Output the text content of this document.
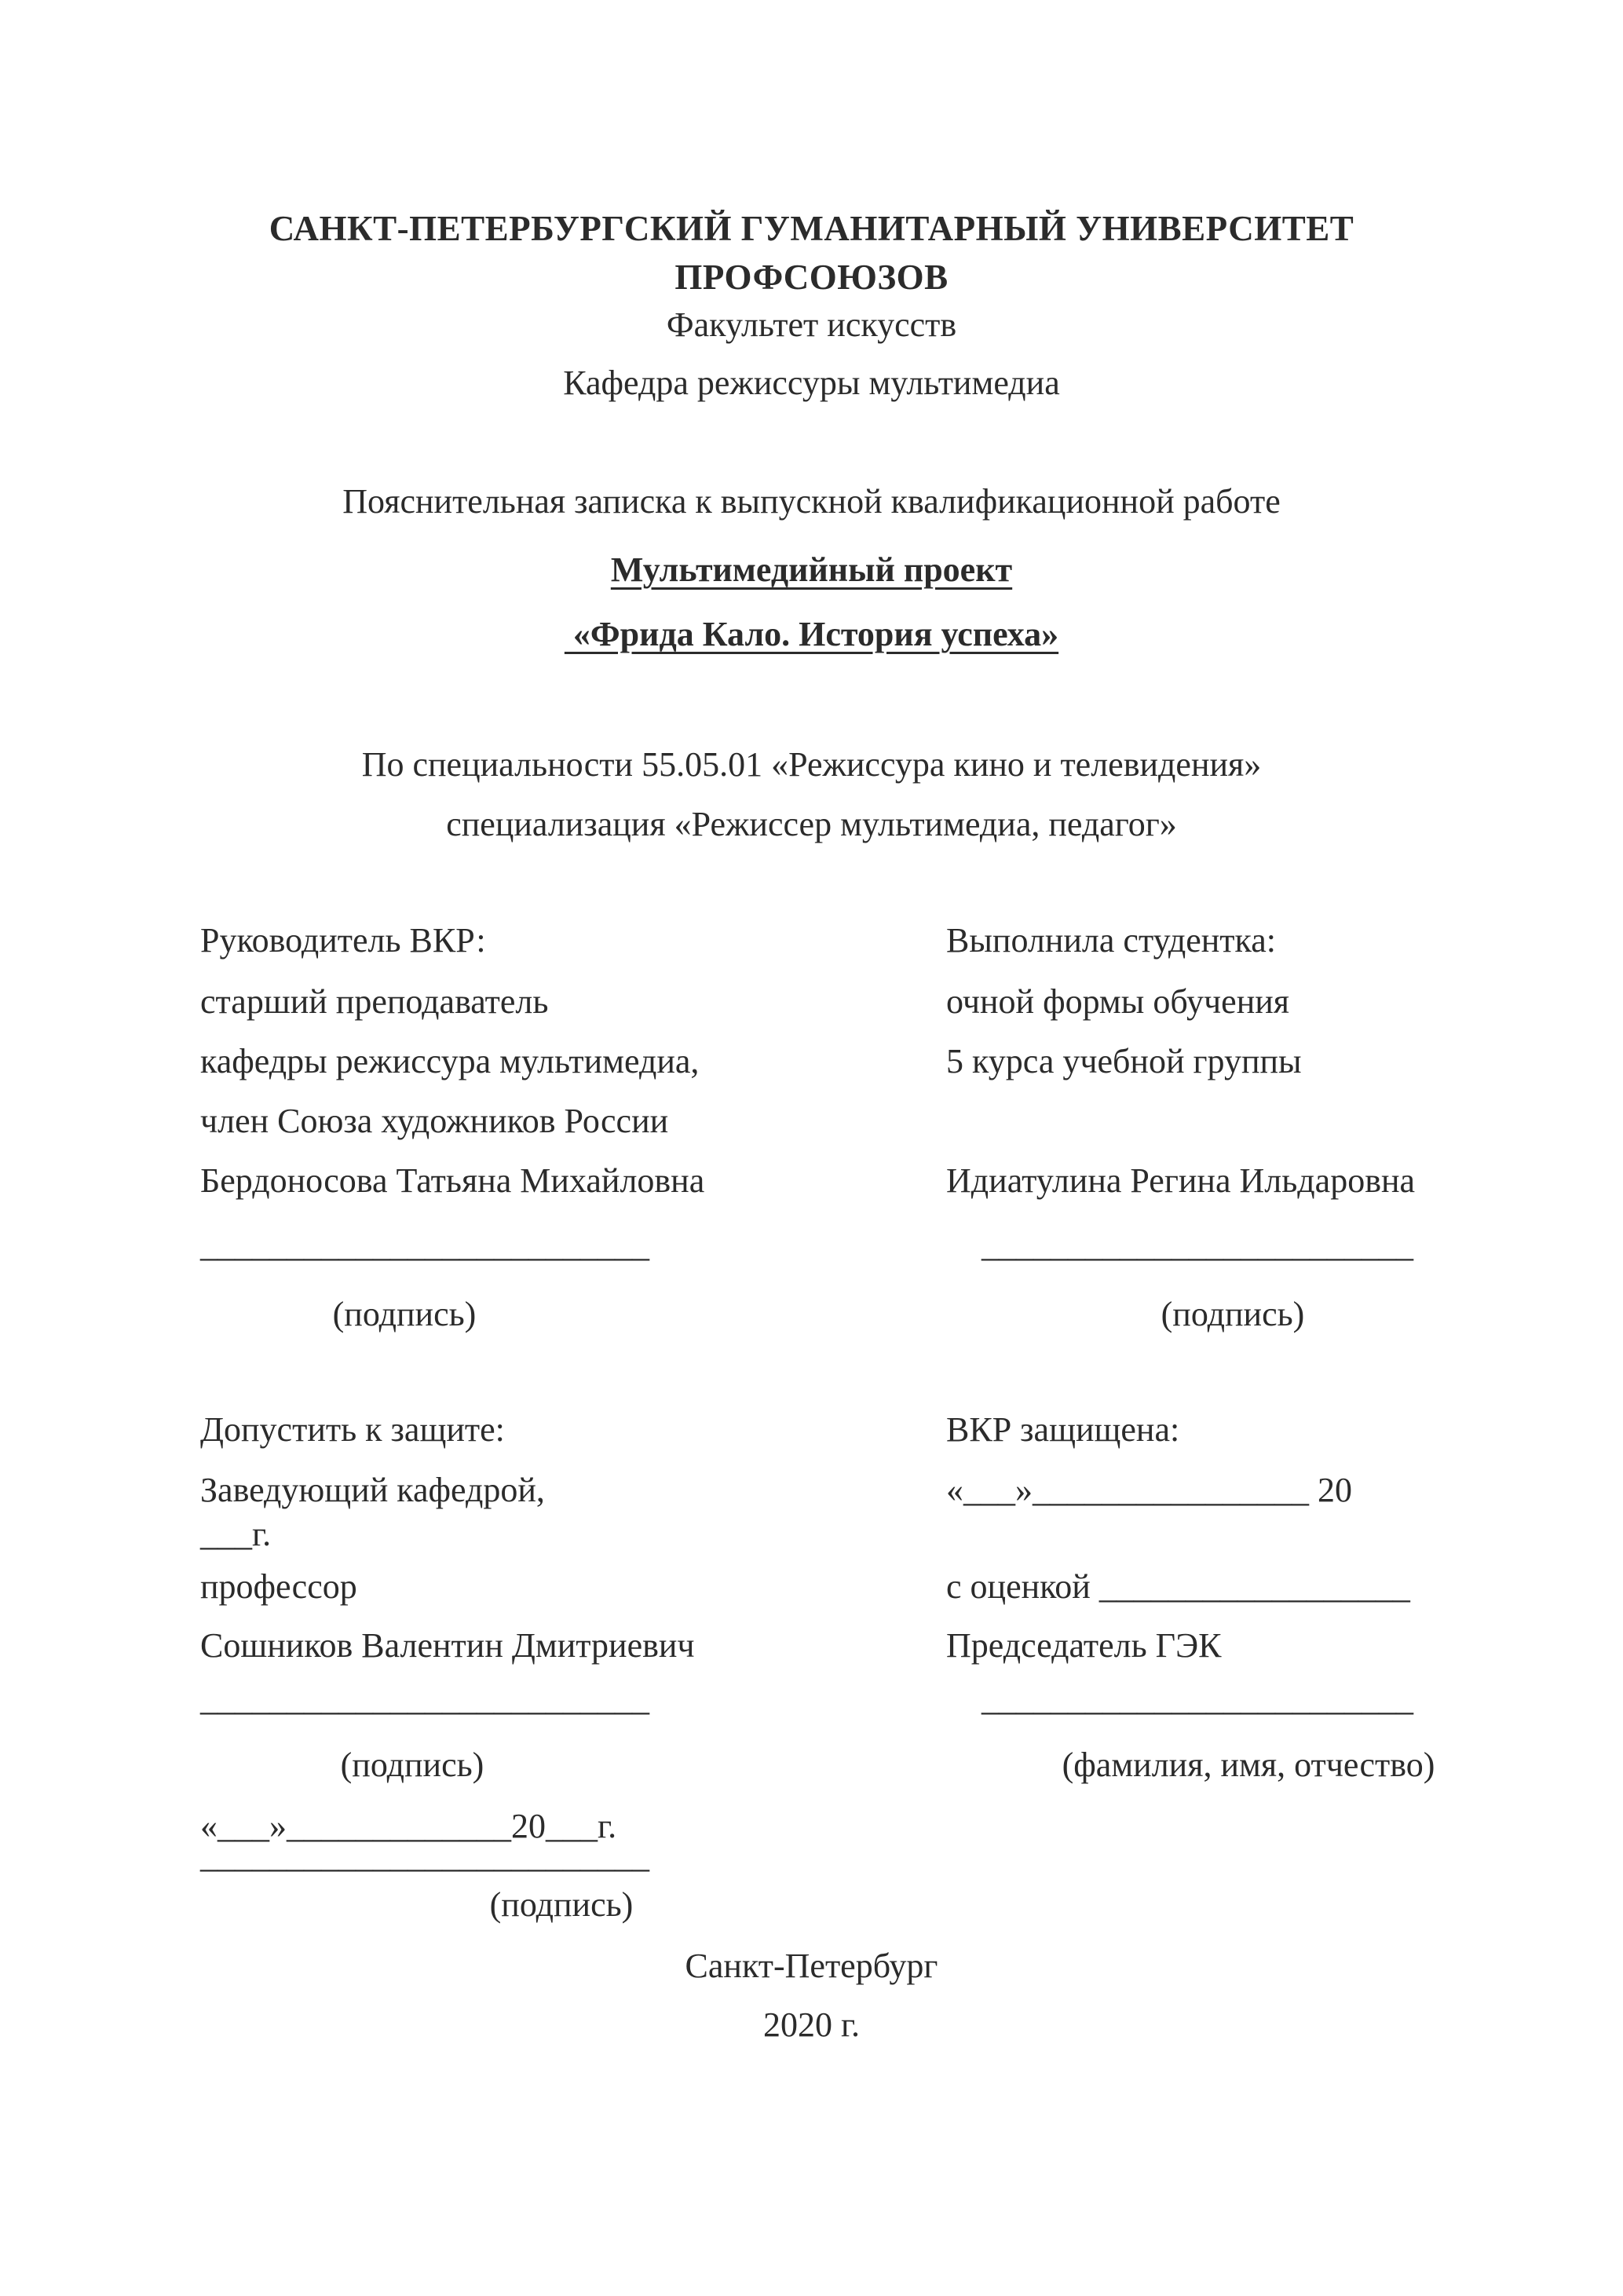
САНКТ-ПЕТЕРБУРГСКИЙ ГУМАНИТАРНЫЙ УНИВЕРСИТЕТ ПРОФСОЮЗОВ
Факультет искусств
Кафедра режиссуры мультимедиа
Пояснительная записка к выпускной квалификационной работе
Мультимедийный проект
«Фрида Кало. История успеха»
По специальности 55.05.01 «Режиссура кино и телевидения»
специализация «Режиссер мультимедиа, педагог»
Руководитель ВКР:	Выполнила студентка:
старший преподаватель	очной формы обучения
кафедры режиссура мультимедиа,	5 курса учебной группы
член Союза художников России
Бердоносова Татьяна Михайловна	Идиатулина Регина Ильдаровна
__________________________	_________________________
(подпись)	(подпись)
Допустить к защите:	ВКР защищена:
Заведующий кафедрой,	«___»________________ 20
___г.
профессор	с оценкой __________________
Сошников Валентин Дмитриевич	Председатель ГЭК
__________________________	_________________________
(подпись)	(фамилия, имя, отчество)
«___»_____________20___г.
__________________________
(подпись)
Санкт-Петербург
2020 г.
